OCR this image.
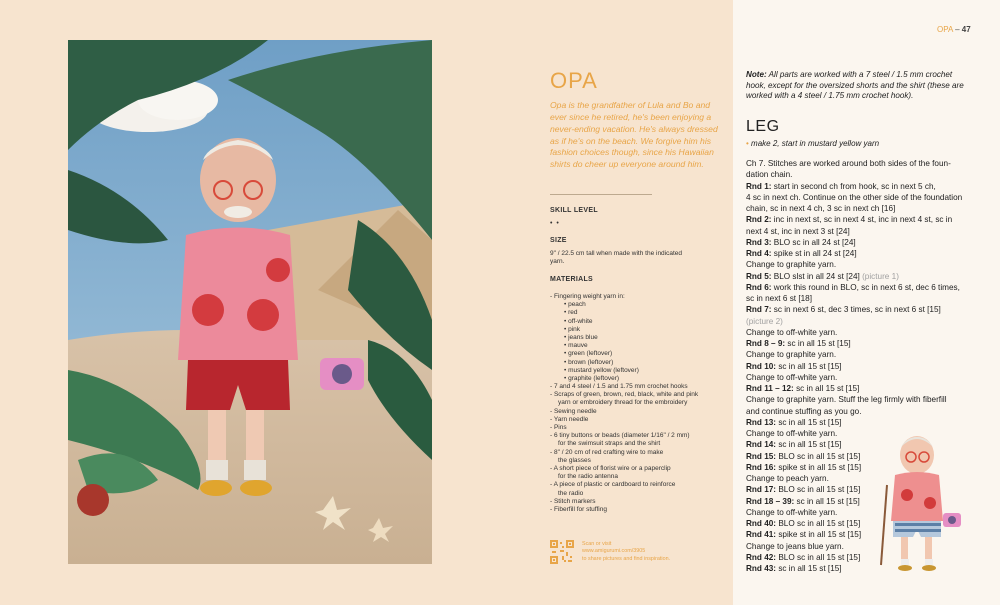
OPA
Opa is the grandfather of Lula and Bo and ever since he retired, he's been enjoying a never-ending vacation. He's always dressed as if he's on the beach. We forgive him his fashion choices though, since his Hawaiian shirts do cheer up everyone around him.
SKILL LEVEL
• •
SIZE
9" / 22.5 cm tall when made with the indicated yarn.
MATERIALS
- Fingering weight yarn in:
• peach
• red
• off-white
• pink
• jeans blue
• mauve
• green (leftover)
• brown (leftover)
• mustard yellow (leftover)
• graphite (leftover)
- 7 and 4 steel / 1.5 and 1.75 mm crochet hooks
- Scraps of green, brown, red, black, white and pink
yarn or embroidery thread for the embroidery
- Sewing needle
- Yarn needle
- Pins
- 6 tiny buttons or beads (diameter 1/16" / 2 mm)
for the swimsuit straps and the shirt
- 8" / 20 cm of red crafting wire to make
the glasses
- A short piece of florist wire or a paperclip
for the radio antenna
- A piece of plastic or cardboard to reinforce
the radio
- Stitch markers
- Fiberfill for stuffing
Scan or visit
www.amigurumi.com/3905
to share pictures and find inspiration.
OPA – 47
Note: All parts are worked with a 7 steel / 1.5 mm crochet hook, except for the oversized shorts and the shirt (these are worked with a 4 steel / 1.75 mm crochet hook).
LEG
• make 2, start in mustard yellow yarn
Ch 7. Stitches are worked around both sides of the foun-
dation chain.
Rnd 1: start in second ch from hook, sc in next 5 ch,
4 sc in next ch. Continue on the other side of the foundation
chain, sc in next 4 ch, 3 sc in next ch [16]
Rnd 2: inc in next st, sc in next 4 st, inc in next 4 st, sc in
next 4 st, inc in next 3 st [24]
Rnd 3: BLO sc in all 24 st [24]
Rnd 4: spike st in all 24 st [24]
Change to graphite yarn.
Rnd 5: BLO slst in all 24 st [24] (picture 1)
Rnd 6: work this round in BLO, sc in next 6 st, dec 6 times,
sc in next 6 st [18]
Rnd 7: sc in next 6 st, dec 3 times, sc in next 6 st [15]
(picture 2)
Change to off-white yarn.
Rnd 8 – 9: sc in all 15 st [15]
Change to graphite yarn.
Rnd 10: sc in all 15 st [15]
Change to off-white yarn.
Rnd 11 – 12: sc in all 15 st [15]
Change to graphite yarn. Stuff the leg firmly with fiberfill
and continue stuffing as you go.
Rnd 13: sc in all 15 st [15]
Change to off-white yarn.
Rnd 14: sc in all 15 st [15]
Rnd 15: BLO sc in all 15 st [15]
Rnd 16: spike st in all 15 st [15]
Change to peach yarn.
Rnd 17: BLO sc in all 15 st [15]
Rnd 18 – 39: sc in all 15 st [15]
Change to off-white yarn.
Rnd 40: BLO sc in all 15 st [15]
Rnd 41: spike st in all 15 st [15]
Change to jeans blue yarn.
Rnd 42: BLO sc in all 15 st [15]
Rnd 43: sc in all 15 st [15]
